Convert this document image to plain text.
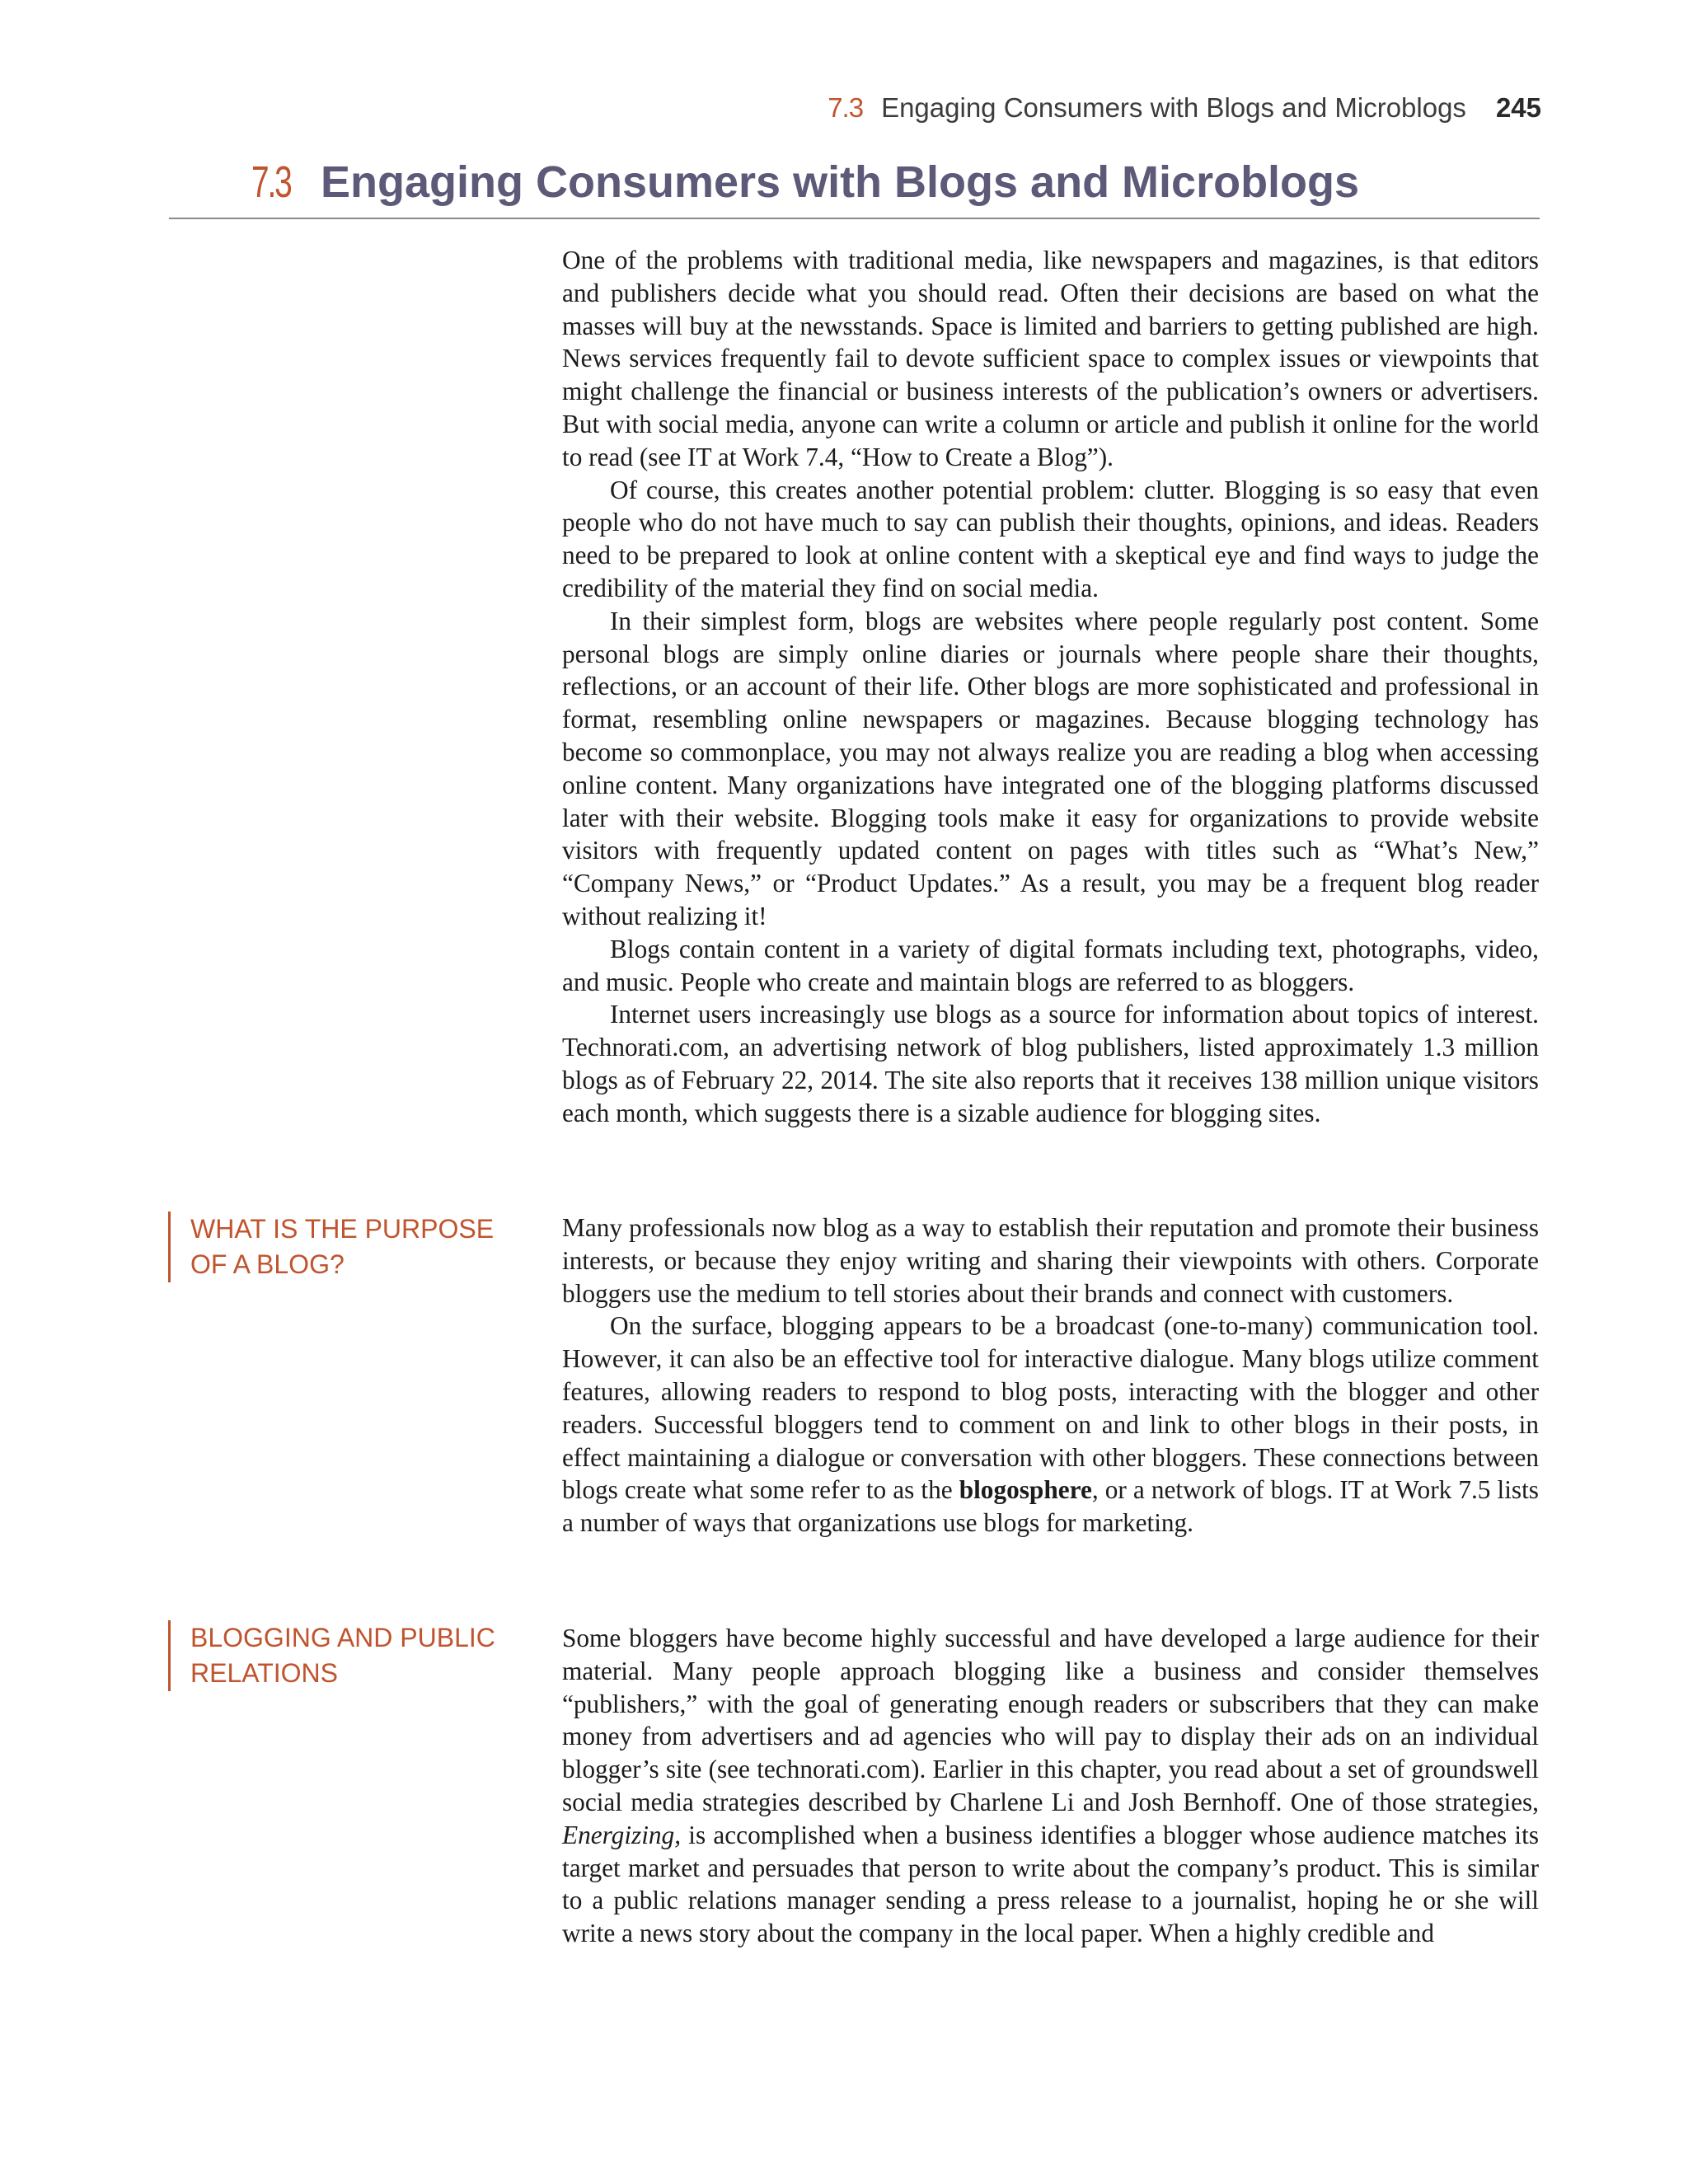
7.3 Engaging Consumers with Blogs and Microblogs 245
7.3 Engaging Consumers with Blogs and Microblogs

One of the problems with traditional media, like newspapers and magazines, is that editors and publishers decide what you should read. Often their decisions are based on what the masses will buy at the newsstands. Space is limited and barriers to getting published are high. News services frequently fail to devote sufficient space to complex issues or viewpoints that might challenge the financial or business interests of the publication’s owners or advertisers. But with social media, anyone can write a column or article and publish it online for the world to read (see IT at Work 7.4, “How to Create a Blog”).

Of course, this creates another potential problem: clutter. Blogging is so easy that even people who do not have much to say can publish their thoughts, opinions, and ideas. Readers need to be prepared to look at online content with a skeptical eye and find ways to judge the credibility of the material they find on social media.

In their simplest form, blogs are websites where people regularly post content. Some personal blogs are simply online diaries or journals where people share their thoughts, reflections, or an account of their life. Other blogs are more sophisticated and professional in format, resembling online newspapers or magazines. Because blogging technology has become so commonplace, you may not always realize you are reading a blog when accessing online content. Many organizations have integrated one of the blogging platforms discussed later with their website. Blogging tools make it easy for organizations to provide website visitors with frequently updated content on pages with titles such as “What’s New,” “Company News,” or “Product Updates.” As a result, you may be a frequent blog reader without realizing it!

Blogs contain content in a variety of digital formats including text, photographs, video, and music. People who create and maintain blogs are referred to as bloggers.

Internet users increasingly use blogs as a source for information about topics of interest. Technorati.com, an advertising network of blog publishers, listed approximately 1.3 million blogs as of February 22, 2014. The site also reports that it receives 138 million unique visitors each month, which suggests there is a sizable audience for blogging sites.

WHAT IS THE PURPOSE OF A BLOG?

Many professionals now blog as a way to establish their reputation and promote their business interests, or because they enjoy writing and sharing their viewpoints with others. Corporate bloggers use the medium to tell stories about their brands and connect with customers.

On the surface, blogging appears to be a broadcast (one-to-many) communication tool. However, it can also be an effective tool for interactive dialogue. Many blogs utilize comment features, allowing readers to respond to blog posts, interacting with the blogger and other readers. Successful bloggers tend to comment on and link to other blogs in their posts, in effect maintaining a dialogue or conversation with other bloggers. These connections between blogs create what some refer to as the blogosphere, or a network of blogs. IT at Work 7.5 lists a number of ways that organizations use blogs for marketing.

BLOGGING AND PUBLIC RELATIONS

Some bloggers have become highly successful and have developed a large audience for their material. Many people approach blogging like a business and consider themselves “publishers,” with the goal of generating enough readers or subscribers that they can make money from advertisers and ad agencies who will pay to display their ads on an individual blogger’s site (see technorati.com). Earlier in this chapter, you read about a set of groundswell social media strategies described by Charlene Li and Josh Bernhoff. One of those strategies, Energizing, is accomplished when a business identifies a blogger whose audience matches its target market and persuades that person to write about the company’s product. This is similar to a public relations manager sending a press release to a journalist, hoping he or she will write a news story about the company in the local paper. When a highly credible and
